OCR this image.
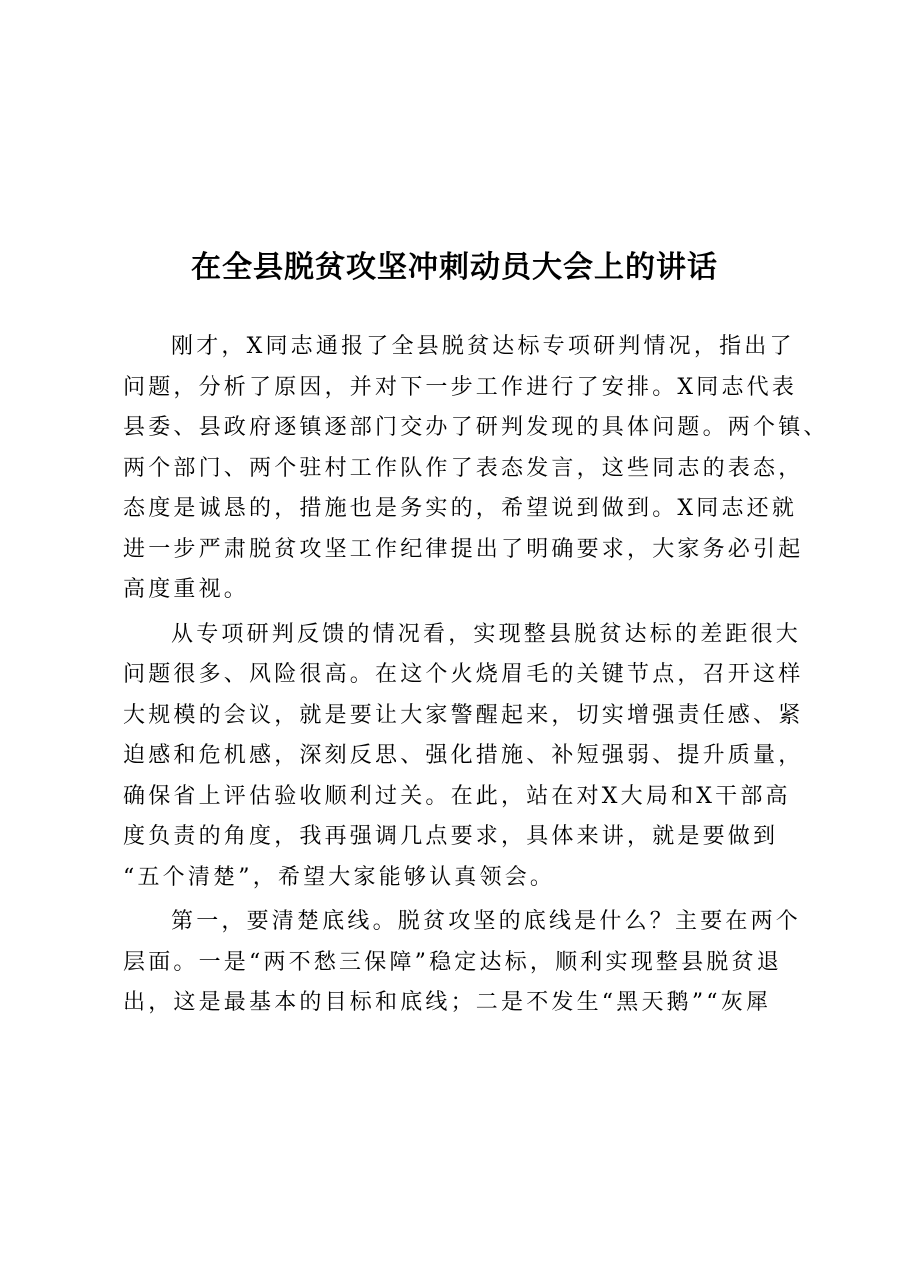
在全县脱贫攻坚冲刺动员大会上的讲话
刚才，X同志通报了全县脱贫达标专项研判情况，指出了
问题，分析了原因，并对下一步工作进行了安排。X同志代表
县委、县政府逐镇逐部门交办了研判发现的具体问题。两个镇、
两个部门、两个驻村工作队作了表态发言，这些同志的表态，
态度是诚恳的，措施也是务实的，希望说到做到。X同志还就
进一步严肃脱贫攻坚工作纪律提出了明确要求，大家务必引起
高度重视。
从专项研判反馈的情况看，实现整县脱贫达标的差距很大
问题很多、风险很高。在这个火烧眉毛的关键节点，召开这样
大规模的会议，就是要让大家警醒起来，切实增强责任感、紧
迫感和危机感，深刻反思、强化措施、补短强弱、提升质量，
确保省上评估验收顺利过关。在此，站在对X大局和X干部高
度负责的角度，我再强调几点要求，具体来讲，就是要做到
“五个清楚”，希望大家能够认真领会。
第一，要清楚底线。脱贫攻坚的底线是什么？主要在两个
层面。一是“两不愁三保障”稳定达标，顺利实现整县脱贫退
出，这是最基本的目标和底线；二是不发生“黑天鹅”“灰犀
